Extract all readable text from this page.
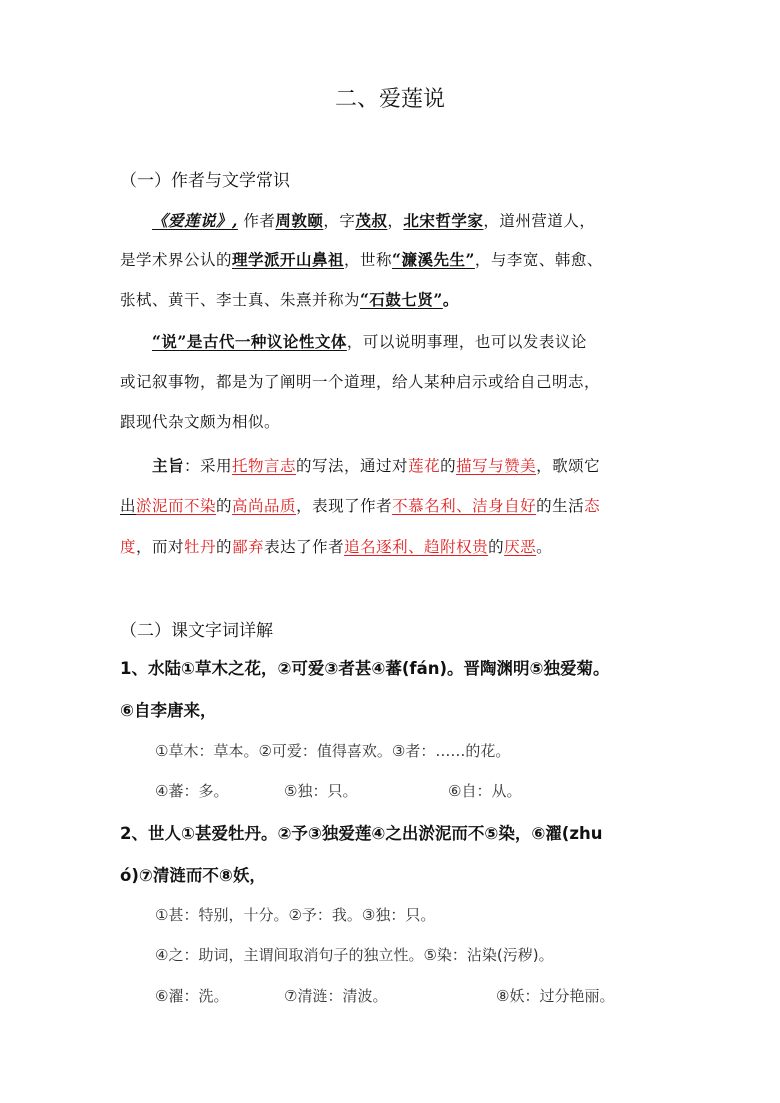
二、爱莲说
（一）作者与文学常识
《爱莲说》, 作者周敦颐，字茂叔，北宋哲学家，道州营道人，
是学术界公认的理学派开山鼻祖，世称“濂溪先生”，与李宽、韩愈、
张栻、黄干、李士真、朱熹并称为“石鼓七贤”。
“说”是古代一种议论性文体，可以说明事理，也可以发表议论
或记叙事物，都是为了阐明一个道理，给人某种启示或给自己明志，
跟现代杂文颇为相似。
主旨：采用托物言志的写法，通过对莲花的描写与赞美，歌颂它
出淤泥而不染的高尚品质，表现了作者不慕名利、洁身自好的生活态
度，而对牡丹的鄙弃表达了作者追名逐利、趋附权贵的厌恶。
（二）课文字词详解
1、水陆①草木之花，②可爱③者甚④蕃(fán)。晋陶渊明⑤独爱菊。
⑥自李唐来，
①草木：草本。②可爱：值得喜欢。③者：……的花。
④蕃：多。	⑤独：只。	⑥自：从。
2、世人①甚爱牡丹。②予③独爱莲④之出淤泥而不⑤染，⑥濯(zhu
ó)⑦清涟而不⑧妖，
①甚：特别，十分。②予：我。③独：只。
④之：助词，主谓间取消句子的独立性。⑤染：沾染(污秽)。
⑥濯：洗。	⑦清涟：清波。	⑧妖：过分艳丽。
